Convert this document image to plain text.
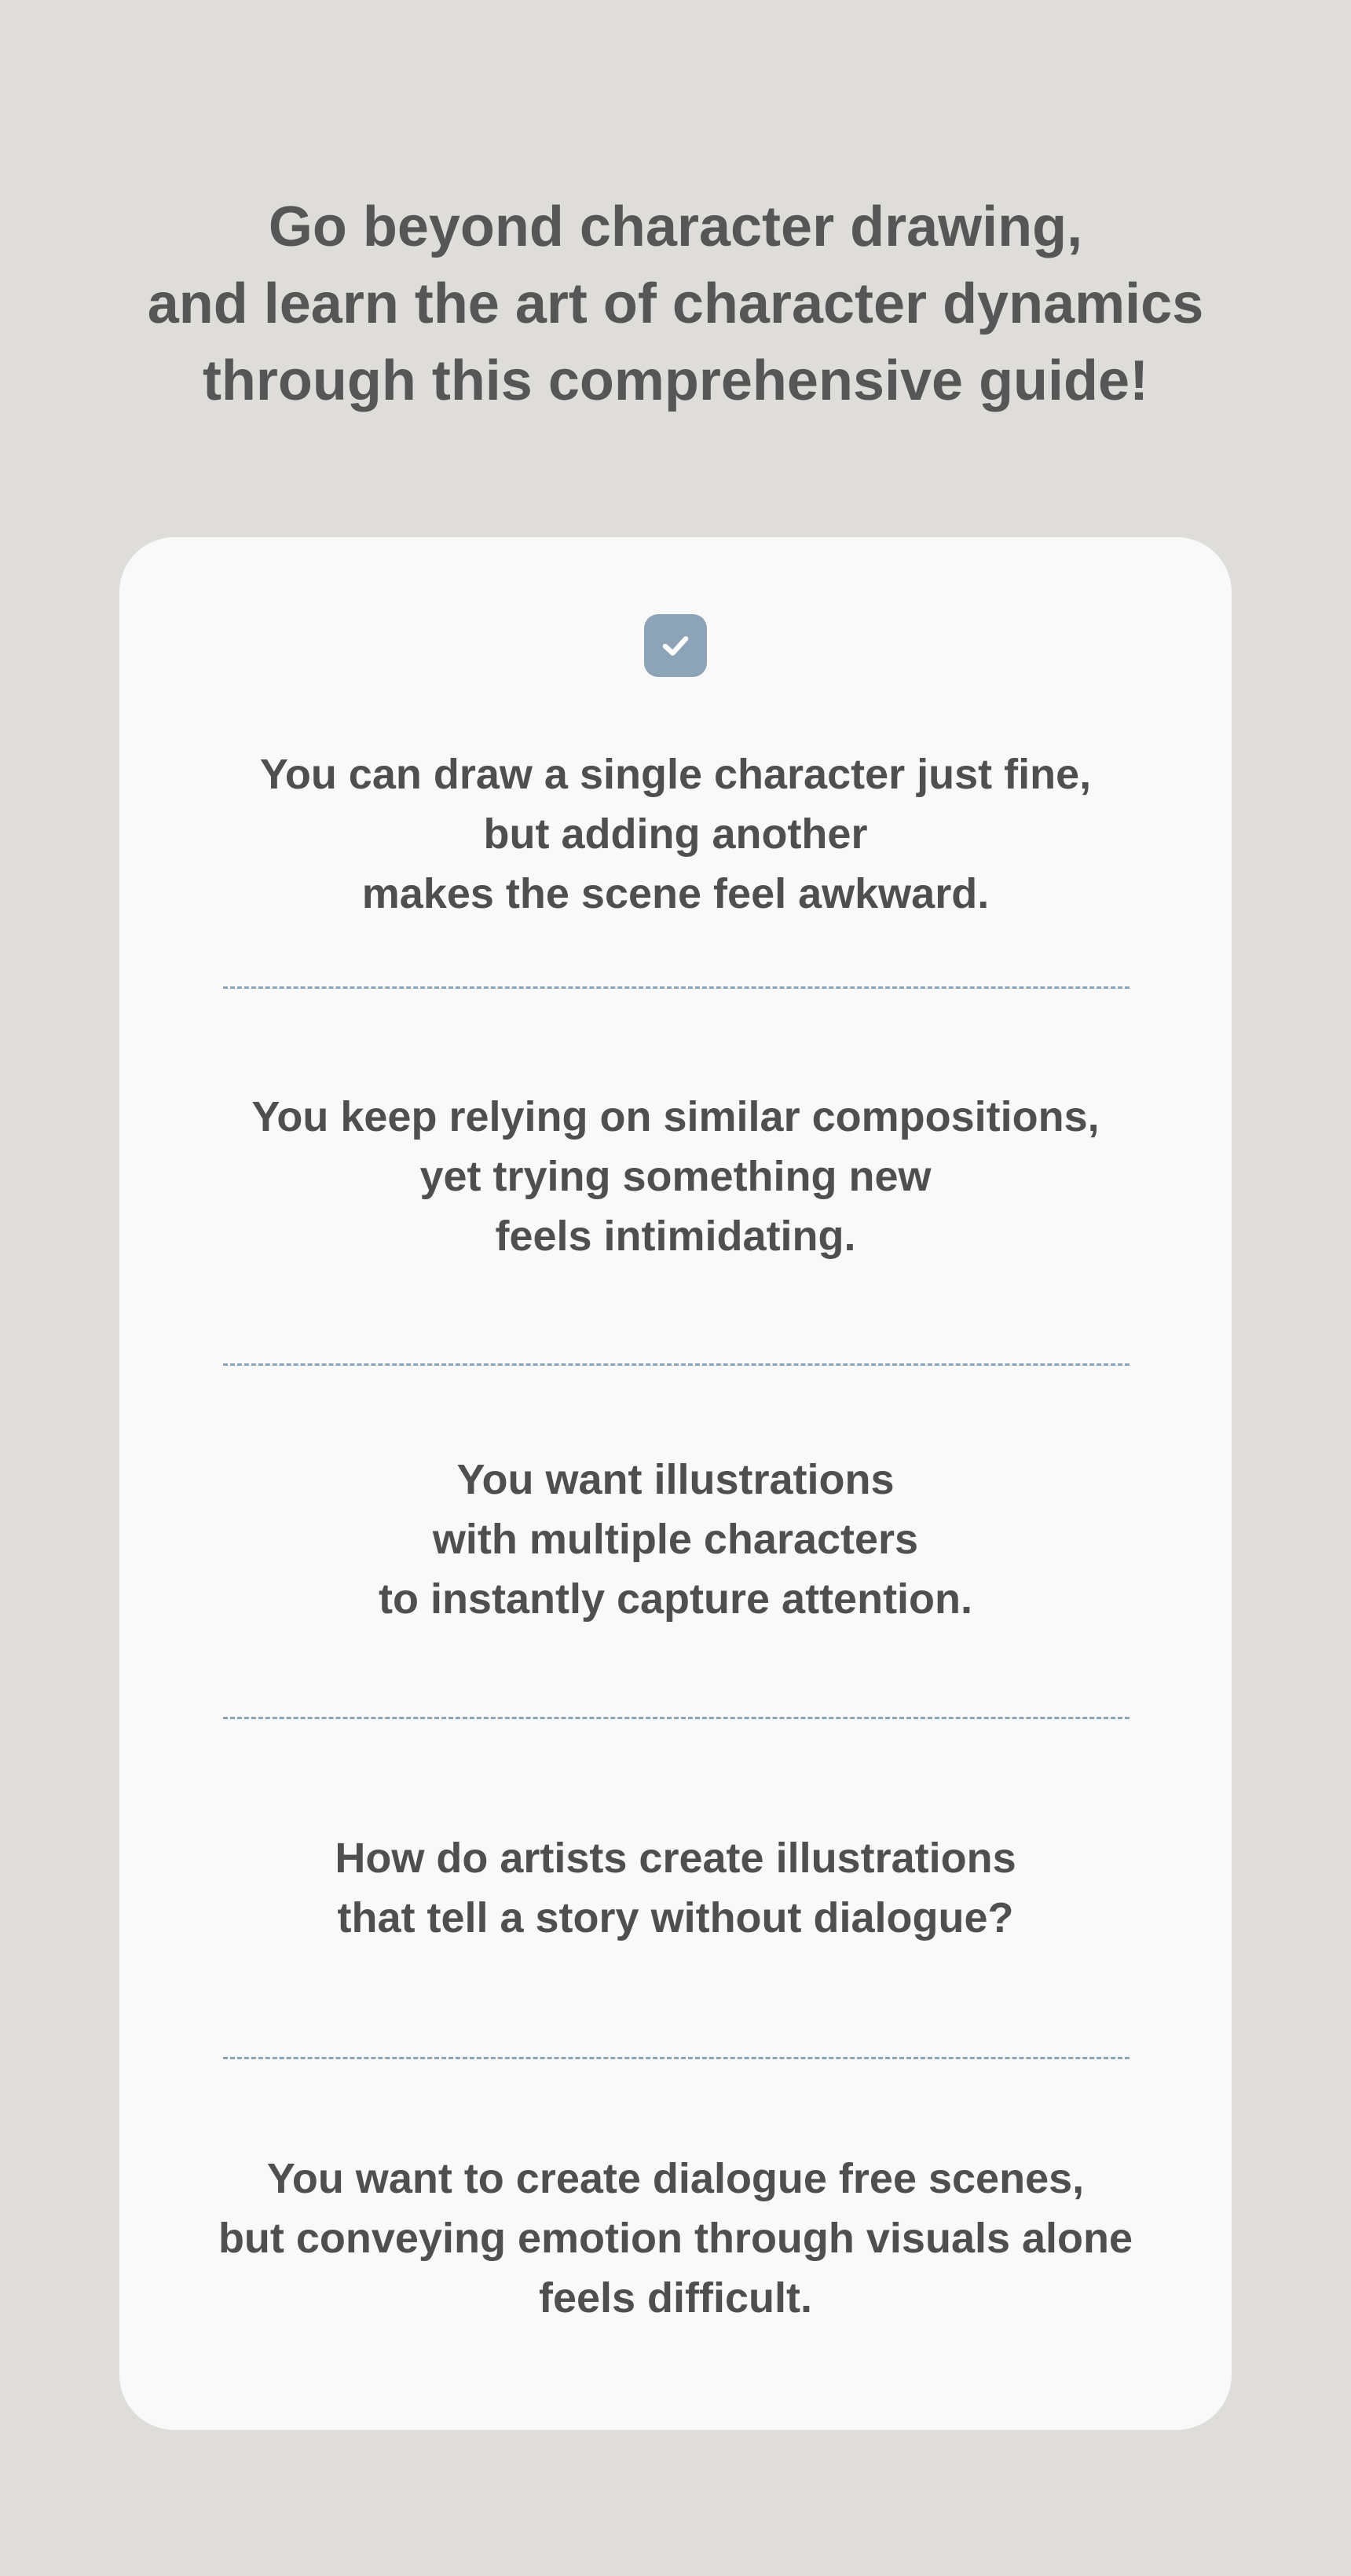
Go beyond character drawing,
and learn the art of character dynamics
through this comprehensive guide!
You can draw a single character just fine,
but adding another
makes the scene feel awkward.
You keep relying on similar compositions,
yet trying something new
feels intimidating.
You want illustrations
with multiple characters
to instantly capture attention.
How do artists create illustrations
that tell a story without dialogue?
You want to create dialogue free scenes,
but conveying emotion through visuals alone
feels difficult.
